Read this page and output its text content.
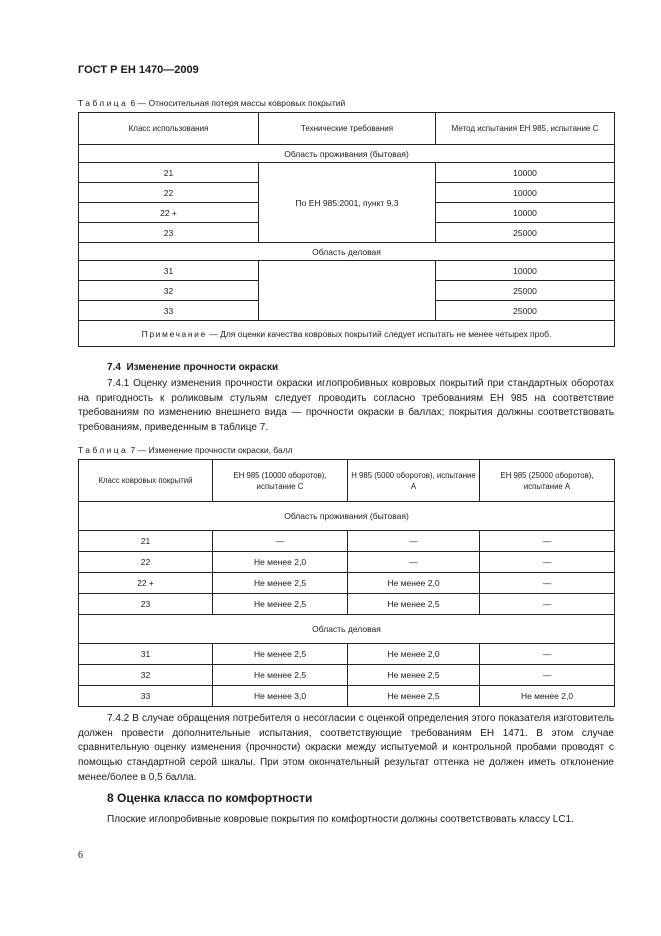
ГОСТ Р ЕН 1470—2009
Таблица 6 — Относительная потеря массы ковровых покрытий
Класс использования	Технические требования	Метод испытания ЕН 985, испытание С
Область проживания (бытовая)		
21	По ЕН 985:2001, пункт 9.3	10000
22		10000
22 +		10000
23		25000
Область деловая		
31		10000
32		25000
33		25000
Примечание — Для оценки качества ковровых покрытий следует испытать не менее четырех проб.		
7.4 Изменение прочности окраски
7.4.1 Оценку изменения прочности окраски иглопробивных ковровых покрытий при стандартных оборотах на пригодность к роликовым стульям следует проводить согласно требованиям ЕН 985 на соответствие требованиям по изменению внешнего вида — прочности окраски в баллах; покрытия должны соответствовать требованиям, приведенным в таблице 7.
Таблица 7 — Изменение прочности окраски, балл
Класс ковровых покрытий	ЕН 985 (10000 оборотов), испытание С	Н 985 (5000 оборотов), испытание А	ЕН 985 (25000 оборотов), испытание А
Область проживания (бытовая)			
21	—	—	—
22	Не менее 2,0	—	—
22 +	Не менее 2,5	Не менее 2,0	—
23	Не менее 2,5	Не менее 2,5	—
Область деловая			
31	Не менее 2,5	Не менее 2,0	—
32	Не менее 2,5	Не менее 2,5	—
33	Не менее 3,0	Не менее 2,5	Не менее 2,0
7.4.2 В случае обращения потребителя о несогласии с оценкой определения этого показателя изготовитель должен провести дополнительные испытания, соответствующие требованиям ЕН 1471. В этом случае сравнительную оценку изменения (прочности) окраски между испытуемой и контрольной пробами проводят с помощью стандартной серой шкалы. При этом окончательный результат оттенка не должен иметь отклонение менее/более в 0,5 балла.
8 Оценка класса по комфортности
Плоские иглопробивные ковровые покрытия по комфортности должны соответствовать классу LC1.
6
